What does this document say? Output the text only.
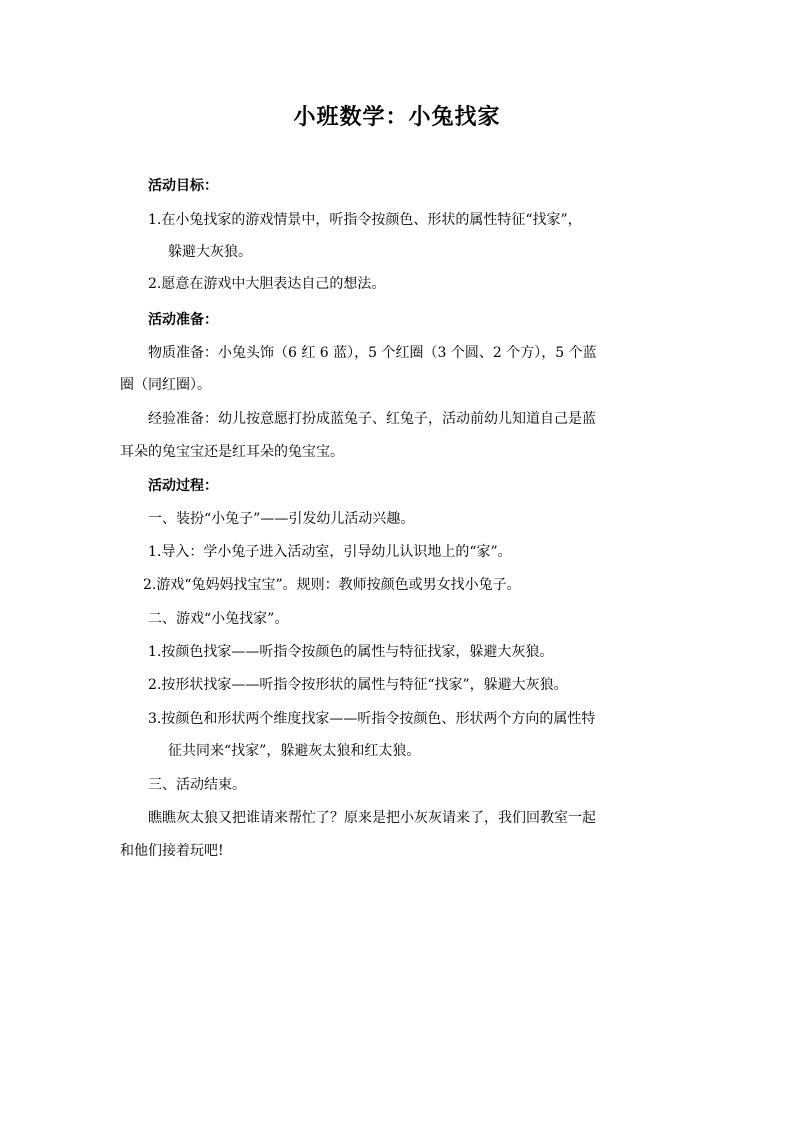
小班数学：小兔找家
活动目标：
1.在小兔找家的游戏情景中，听指令按颜色、形状的属性特征“找家”，
躲避大灰狼。
2.愿意在游戏中大胆表达自己的想法。
活动准备：
物质准备：小兔头饰（6 红 6 蓝），5 个红圈（3 个圆、2 个方），5 个蓝
圈（同红圈）。
经验准备：幼儿按意愿打扮成蓝兔子、红兔子，活动前幼儿知道自己是蓝
耳朵的兔宝宝还是红耳朵的兔宝宝。
活动过程：
一、装扮“小兔子”——引发幼儿活动兴趣。
1.导入：学小兔子进入活动室，引导幼儿认识地上的“家”。
2.游戏“兔妈妈找宝宝”。规则：教师按颜色或男女找小兔子。
二、游戏“小兔找家”。
1.按颜色找家——听指令按颜色的属性与特征找家，躲避大灰狼。
2.按形状找家——听指令按形状的属性与特征“找家”，躲避大灰狼。
3.按颜色和形状两个维度找家——听指令按颜色、形状两个方向的属性特
征共同来“找家”，躲避灰太狼和红太狼。
三、活动结束。
瞧瞧灰太狼又把谁请来帮忙了？原来是把小灰灰请来了，我们回教室一起
和他们接着玩吧!
